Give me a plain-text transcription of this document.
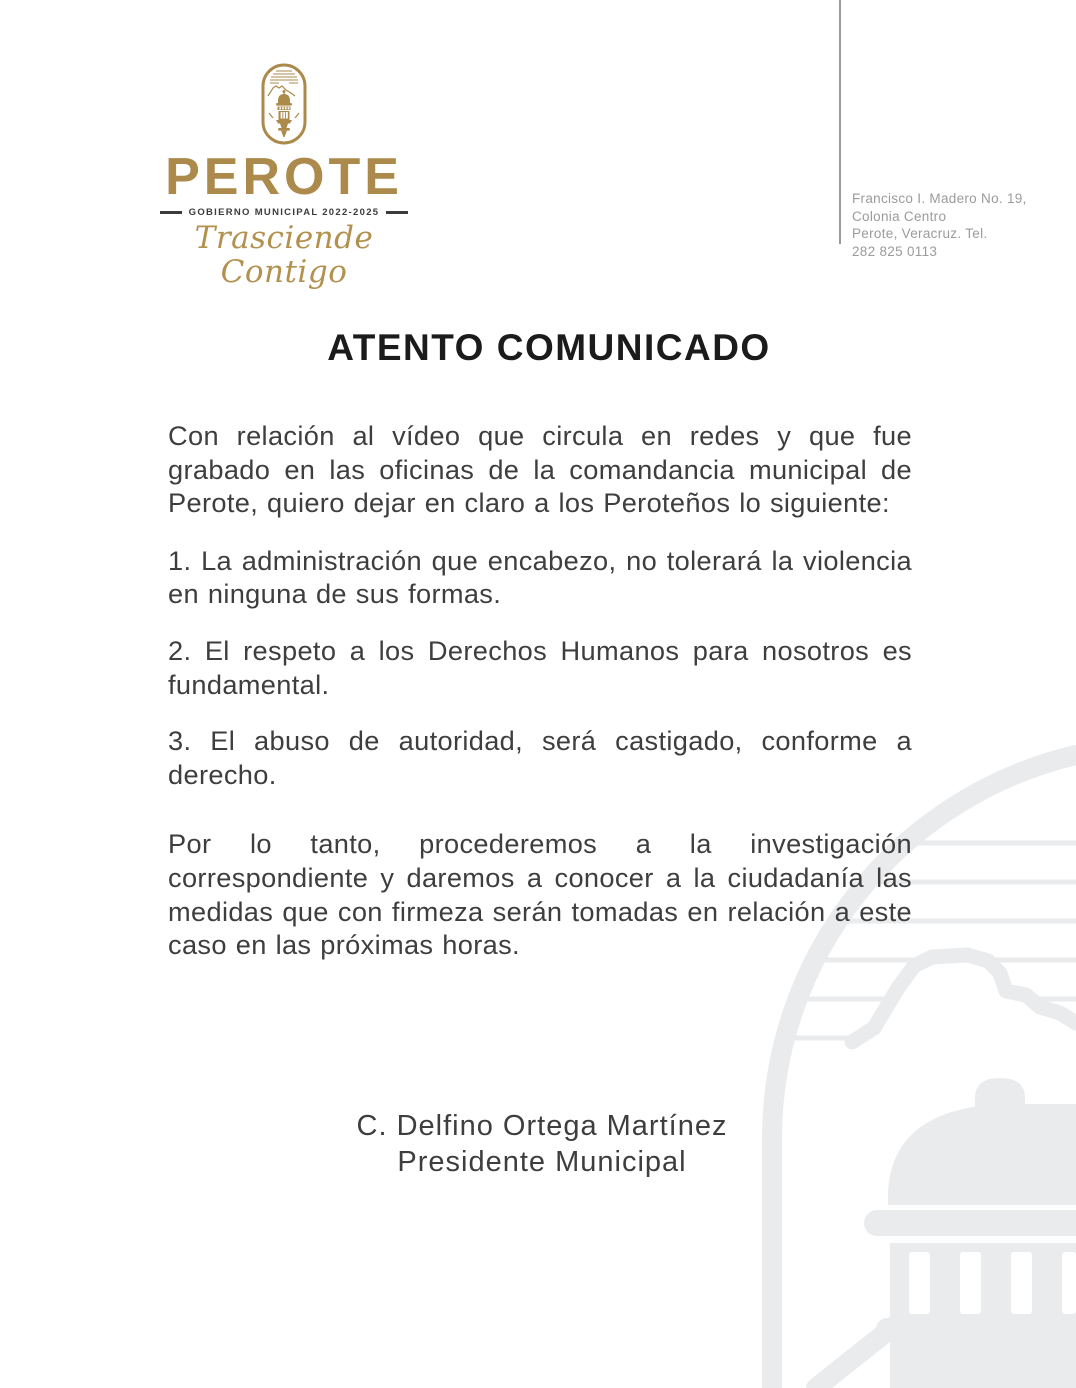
PEROTE
GOBIERNO MUNICIPAL 2022-2025
Trasciende Contigo
Francisco I. Madero No. 19,
Colonia Centro
Perote, Veracruz. Tel.
282 825 0113
ATENTO COMUNICADO

Con relación al vídeo que circula en redes y que fue grabado en las oficinas de la comandancia municipal de Perote, quiero dejar en claro a los Peroteños lo siguiente:

1. La administración que encabezo, no tolerará la violencia en ninguna de sus formas.

2. El respeto a los Derechos Humanos para nosotros es fundamental.

3. El abuso de autoridad, será castigado, conforme a derecho.

Por lo tanto, procederemos a la investigación correspondiente y daremos a conocer a la ciudadanía las medidas que con firmeza serán tomadas en relación a este caso en las próximas horas.

C. Delfino Ortega Martínez
Presidente Municipal
